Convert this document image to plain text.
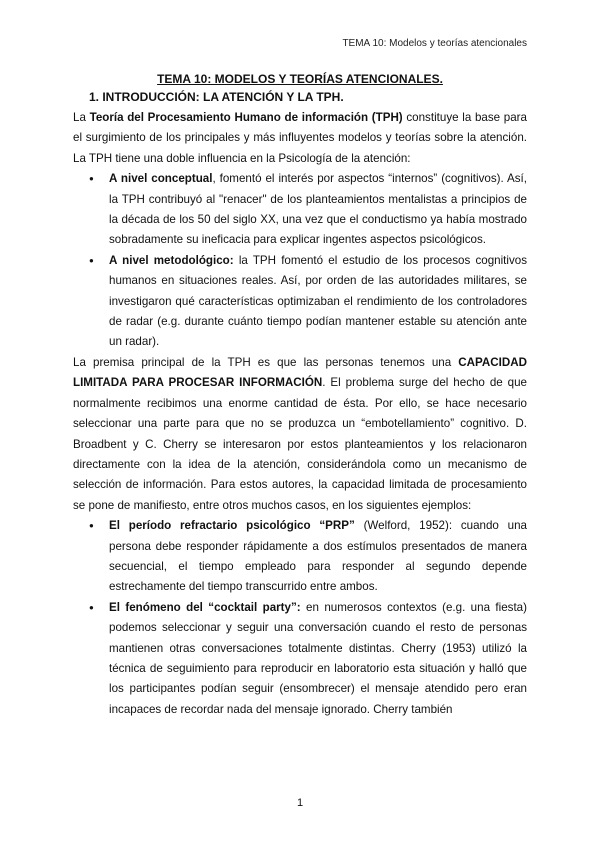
TEMA 10: Modelos y teorías atencionales
TEMA 10: MODELOS Y TEORÍAS ATENCIONALES.
1. INTRODUCCIÓN: LA ATENCIÓN Y LA TPH.

La Teoría del Procesamiento Humano de información (TPH) constituye la base para el surgimiento de los principales y más influyentes modelos y teorías sobre la atención. La TPH tiene una doble influencia en la Psicología de la atención:

● A nivel conceptual, fomentó el interés por aspectos “internos” (cognitivos). Así, la TPH contribuyó al "renacer" de los planteamientos mentalistas a principios de la década de los 50 del siglo XX, una vez que el conductismo ya había mostrado sobradamente su ineficacia para explicar ingentes aspectos psicológicos.
● A nivel metodológico: la TPH fomentó el estudio de los procesos cognitivos humanos en situaciones reales. Así, por orden de las autoridades militares, se investigaron qué características optimizaban el rendimiento de los controladores de radar (e.g. durante cuánto tiempo podían mantener estable su atención ante un radar).

La premisa principal de la TPH es que las personas tenemos una CAPACIDAD LIMITADA PARA PROCESAR INFORMACIÓN. El problema surge del hecho de que normalmente recibimos una enorme cantidad de ésta. Por ello, se hace necesario seleccionar una parte para que no se produzca un “embotellamiento” cognitivo. D. Broadbent y C. Cherry se interesaron por estos planteamientos y los relacionaron directamente con la idea de la atención, considerándola como un mecanismo de selección de información. Para estos autores, la capacidad limitada de procesamiento se pone de manifiesto, entre otros muchos casos, en los siguientes ejemplos:

● El período refractario psicológico “PRP” (Welford, 1952): cuando una persona debe responder rápidamente a dos estímulos presentados de manera secuencial, el tiempo empleado para responder al segundo depende estrechamente del tiempo transcurrido entre ambos.
● El fenómeno del “cocktail party”: en numerosos contextos (e.g. una fiesta) podemos seleccionar y seguir una conversación cuando el resto de personas mantienen otras conversaciones totalmente distintas. Cherry (1953) utilizó la técnica de seguimiento para reproducir en laboratorio esta situación y halló que los participantes podían seguir (ensombrecer) el mensaje atendido pero eran incapaces de recordar nada del mensaje ignorado. Cherry también
1
